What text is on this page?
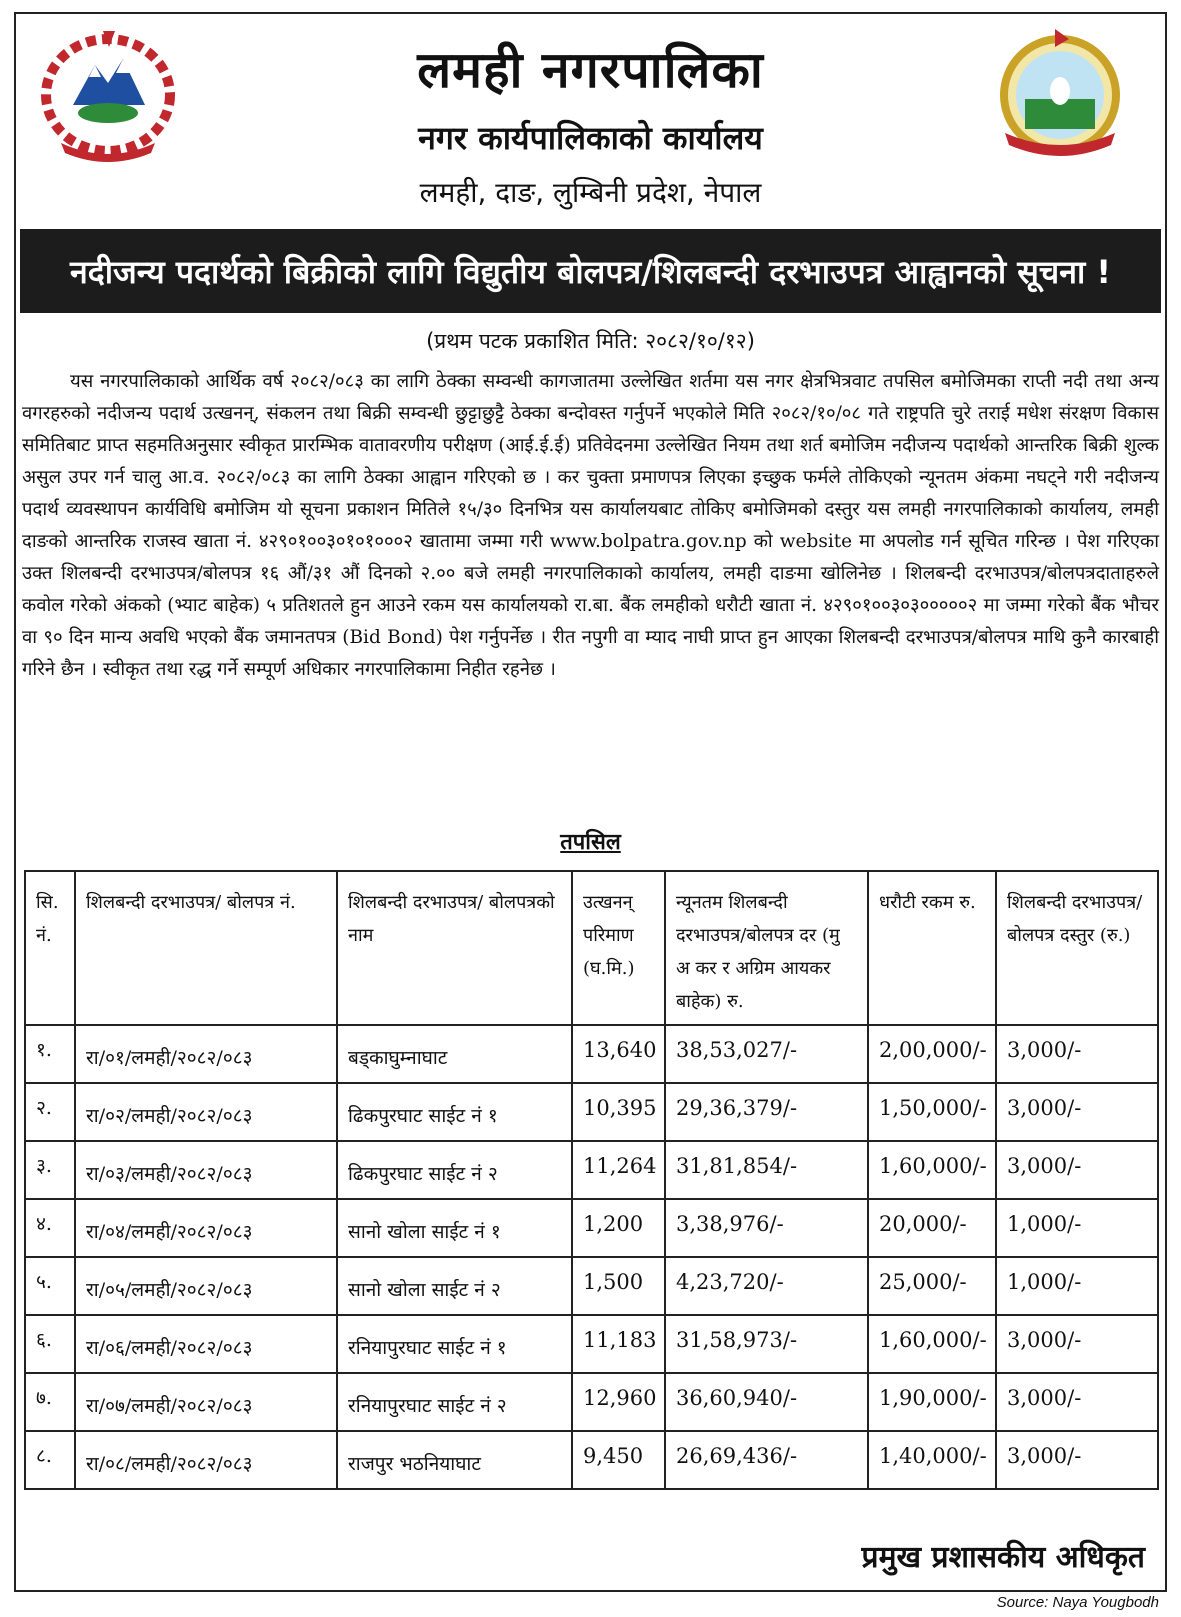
लमही नगरपालिका
नगर कार्यपालिकाको कार्यालय
लमही, दाङ, लुम्बिनी प्रदेश, नेपाल
नदीजन्य पदार्थको बिक्रीको लागि विद्युतीय बोलपत्र/शिलबन्दी दरभाउपत्र आह्वानको सूचना !
(प्रथम पटक प्रकाशित मिति: २०८२/१०/१२)
यस नगरपालिकाको आर्थिक वर्ष २०८२/०८३ का लागि ठेक्का सम्वन्धी कागजातमा उल्लेखित शर्तमा यस नगर क्षेत्रभित्रवाट तपसिल बमोजिमका राप्ती नदी तथा अन्य वगरहरुको नदीजन्य पदार्थ उत्खनन्, संकलन तथा बिक्री सम्वन्धी छुट्टाछुट्टै ठेक्का बन्दोवस्त गर्नुपर्ने भएकोले मिति २०८२/१०/०८ गते राष्ट्रपति चुरे तराई मधेश संरक्षण विकास समितिबाट प्राप्त सहमतिअनुसार स्वीकृत प्रारम्भिक वातावरणीय परीक्षण (आई.ई.ई) प्रतिवेदनमा उल्लेखित नियम तथा शर्त बमोजिम नदीजन्य पदार्थको आन्तरिक बिक्री शुल्क असुल उपर गर्न चालु आ.व. २०८२/०८३ का लागि ठेक्का आह्वान गरिएको छ । कर चुक्ता प्रमाणपत्र लिएका इच्छुक फर्मले तोकिएको न्यूनतम अंकमा नघट्ने गरी नदीजन्य पदार्थ व्यवस्थापन कार्यविधि बमोजिम यो सूचना प्रकाशन मितिले १५/३० दिनभित्र यस कार्यालयबाट तोकिए बमोजिमको दस्तुर यस लमही नगरपालिकाको कार्यालय, लमही दाङको आन्तरिक राजस्व खाता नं. ४२९०१००३०१०१०००२ खातामा जम्मा गरी www.bolpatra.gov.np को website मा अपलोड गर्न सूचित गरिन्छ । पेश गरिएका उक्त शिलबन्दी दरभाउपत्र/बोलपत्र १६ औं/३१ औं दिनको २.०० बजे लमही नगरपालिकाको कार्यालय, लमही दाङमा खोलिनेछ । शिलबन्दी दरभाउपत्र/बोलपत्रदाताहरुले कवोल गरेको अंकको (भ्याट बाहेक) ५ प्रतिशतले हुन आउने रकम यस कार्यालयको रा.बा. बैंक लमहीको धरौटी खाता नं. ४२९०१००३०३०००००२ मा जम्मा गरेको बैंक भौचर वा ९० दिन मान्य अवधि भएको बैंक जमानतपत्र (Bid Bond) पेश गर्नुपर्नेछ । रीत नपुगी वा म्याद नाघी प्राप्त हुन आएका शिलबन्दी दरभाउपत्र/बोलपत्र माथि कुनै कारबाही गरिने छैन । स्वीकृत तथा रद्ध गर्ने सम्पूर्ण अधिकार नगरपालिकामा निहीत रहनेछ ।
तपसिल
सि. नं.	शिलबन्दी दरभाउपत्र/ बोलपत्र नं.	शिलबन्दी दरभाउपत्र/ बोलपत्रको नाम	उत्खनन् परिमाण (घ.मि.)	न्यूनतम शिलबन्दी दरभाउपत्र/बोलपत्र दर (मु अ कर र अग्रिम आयकर बाहेक) रु.	धरौटी रकम रु.	शिलबन्दी दरभाउपत्र/ बोलपत्र दस्तुर (रु.)
१.	रा/०१/लमही/२०८२/०८३	बड्काघुम्नाघाट	13,640	38,53,027/-	2,00,000/-	3,000/-
२.	रा/०२/लमही/२०८२/०८३	ढिकपुरघाट साईट नं १	10,395	29,36,379/-	1,50,000/-	3,000/-
३.	रा/०३/लमही/२०८२/०८३	ढिकपुरघाट साईट नं २	11,264	31,81,854/-	1,60,000/-	3,000/-
४.	रा/०४/लमही/२०८२/०८३	सानो खोला साईट नं १	1,200	3,38,976/-	20,000/-	1,000/-
५.	रा/०५/लमही/२०८२/०८३	सानो खोला साईट नं २	1,500	4,23,720/-	25,000/-	1,000/-
६.	रा/०६/लमही/२०८२/०८३	रनियापुरघाट साईट नं १	11,183	31,58,973/-	1,60,000/-	3,000/-
७.	रा/०७/लमही/२०८२/०८३	रनियापुरघाट साईट नं २	12,960	36,60,940/-	1,90,000/-	3,000/-
८.	रा/०८/लमही/२०८२/०८३	राजपुर भठनियाघाट	9,450	26,69,436/-	1,40,000/-	3,000/-
प्रमुख प्रशासकीय अधिकृत
Source: Naya Yougbodh
